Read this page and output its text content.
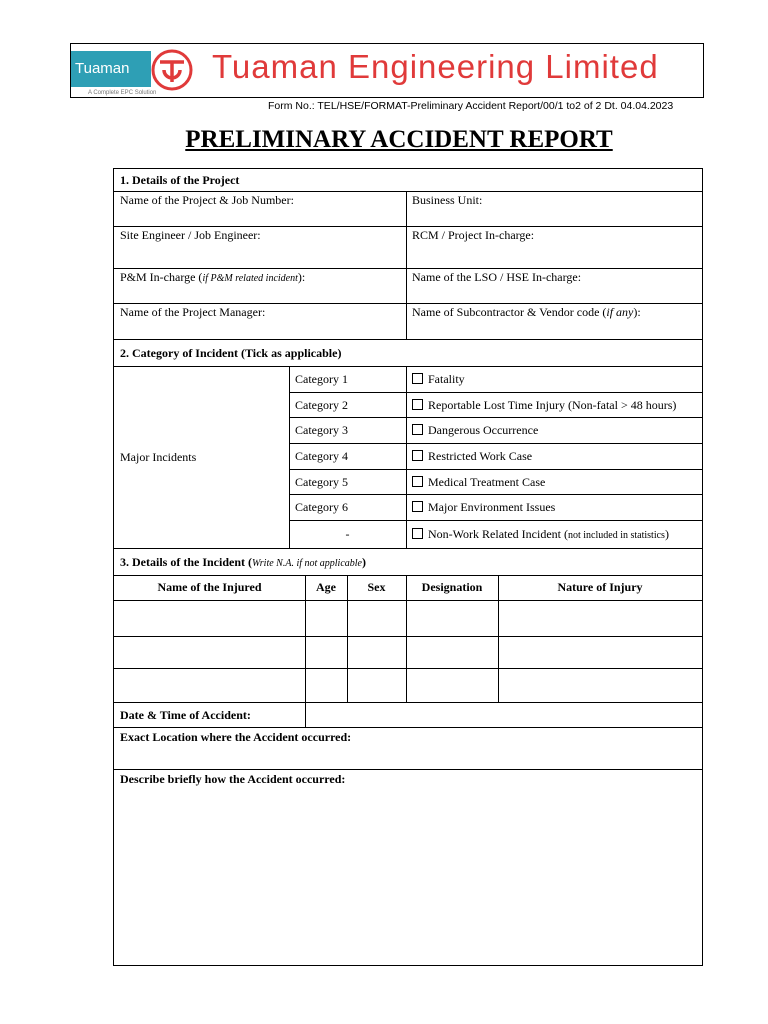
Tuaman
A Complete EPC Solution
Tuaman Engineering Limited
Form No.: TEL/HSE/FORMAT-Preliminary Accident Report/00/1 to2 of 2 Dt. 04.04.2023
PRELIMINARY ACCIDENT REPORT
1. Details of the Project
Name of the Project & Job Number:	Business Unit:
Site Engineer / Job Engineer:	RCM / Project In-charge:
P&M In-charge (if P&M related incident):	Name of the LSO / HSE In-charge:
Name of the Project Manager:	Name of Subcontractor & Vendor code (if any):
2. Category of Incident (Tick as applicable)
Major Incidents
Category 1	Fatality
Category 2	Reportable Lost Time Injury (Non-fatal > 48 hours)
Category 3	Dangerous Occurrence
Category 4	Restricted Work Case
Category 5	Medical Treatment Case
Category 6	Major Environment Issues
-	Non-Work Related Incident (not included in statistics)
3. Details of the Incident (Write N.A. if not applicable)
Name of the Injured	Age	Sex	Designation	Nature of Injury
Date & Time of Accident:
Exact Location where the Accident occurred:
Describe briefly how the Accident occurred:
